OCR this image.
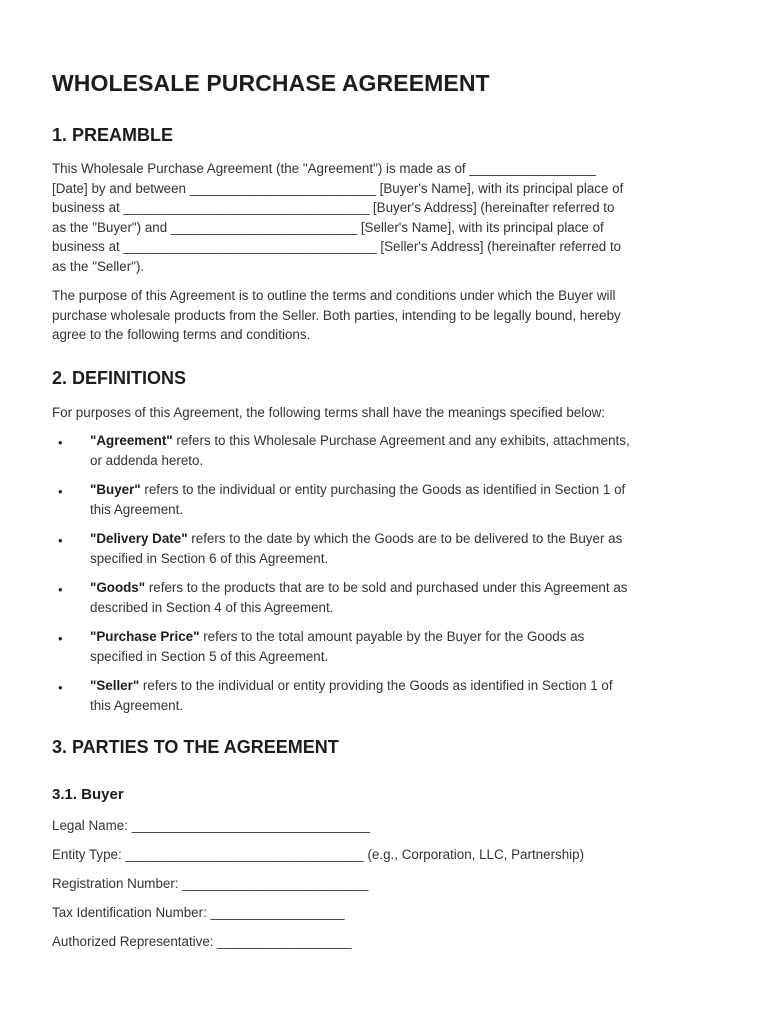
WHOLESALE PURCHASE AGREEMENT
1. PREAMBLE

This Wholesale Purchase Agreement (the "Agreement") is made as of _________________
[Date] by and between _________________________ [Buyer's Name], with its principal place of
business at _________________________________ [Buyer's Address] (hereinafter referred to
as the "Buyer") and _________________________ [Seller's Name], with its principal place of
business at __________________________________ [Seller's Address] (hereinafter referred to
as the "Seller").

The purpose of this Agreement is to outline the terms and conditions under which the Buyer will
purchase wholesale products from the Seller. Both parties, intending to be legally bound, hereby
agree to the following terms and conditions.

2. DEFINITIONS

For purposes of this Agreement, the following terms shall have the meanings specified below:

• "Agreement" refers to this Wholesale Purchase Agreement and any exhibits, attachments,
or addenda hereto.
• "Buyer" refers to the individual or entity purchasing the Goods as identified in Section 1 of
this Agreement.
• "Delivery Date" refers to the date by which the Goods are to be delivered to the Buyer as
specified in Section 6 of this Agreement.
• "Goods" refers to the products that are to be sold and purchased under this Agreement as
described in Section 4 of this Agreement.
• "Purchase Price" refers to the total amount payable by the Buyer for the Goods as
specified in Section 5 of this Agreement.
• "Seller" refers to the individual or entity providing the Goods as identified in Section 1 of
this Agreement.
3. PARTIES TO THE AGREEMENT
3.1. Buyer

Legal Name: ________________________________

Entity Type: ________________________________ (e.g., Corporation, LLC, Partnership)

Registration Number: _________________________

Tax Identification Number: __________________

Authorized Representative: __________________
